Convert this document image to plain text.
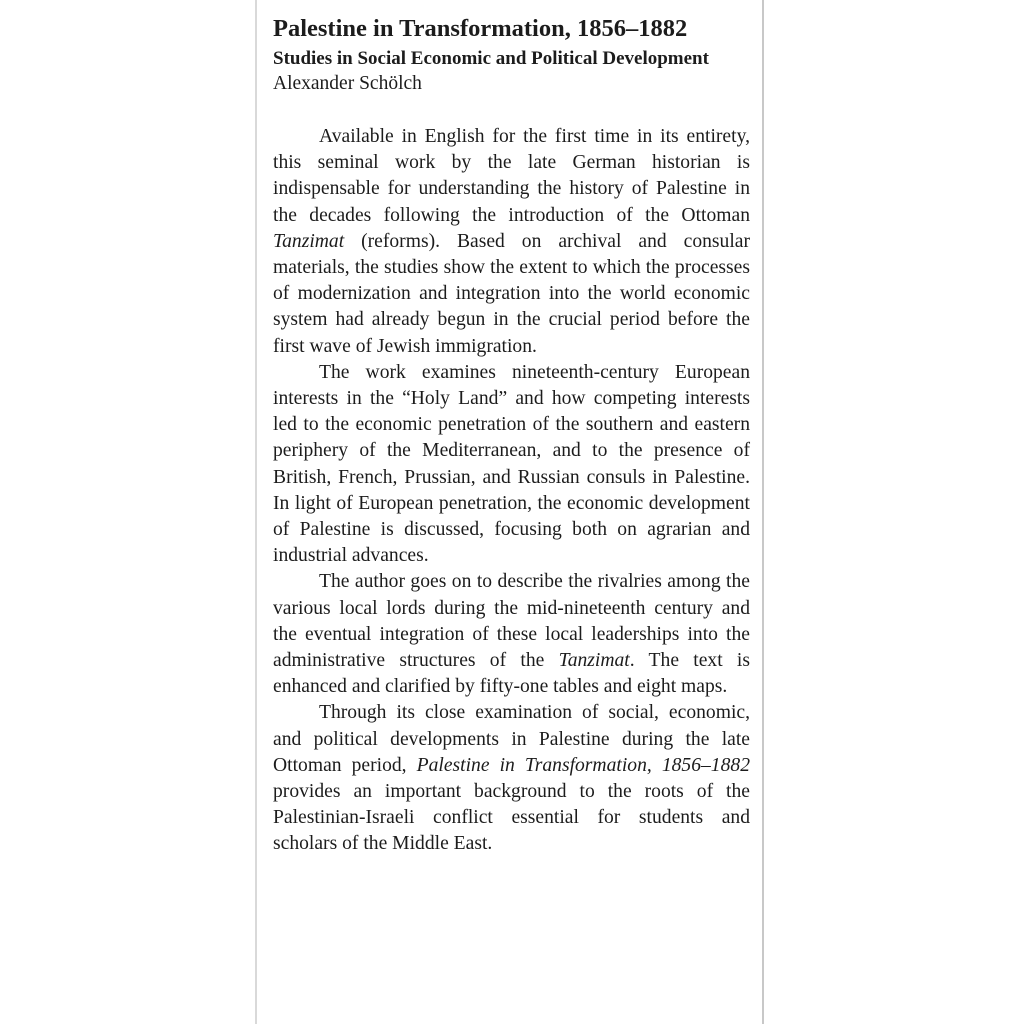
Palestine in Transformation, 1856–1882
Studies in Social Economic and Political Development
Alexander Schölch

Available in English for the first time in its entirety, this seminal work by the late German historian is indispensable for understanding the history of Palestine in the decades following the introduction of the Ottoman Tanzimat (reforms). Based on archival and consular materials, the studies show the extent to which the processes of modernization and integration into the world economic system had already begun in the crucial period before the first wave of Jewish immigration.

The work examines nineteenth-century European interests in the “Holy Land” and how competing interests led to the economic penetration of the southern and eastern periphery of the Mediterranean, and to the presence of British, French, Prussian, and Russian consuls in Palestine. In light of European penetration, the economic development of Palestine is discussed, focusing both on agrarian and industrial advances.

The author goes on to describe the rivalries among the various local lords during the mid-nineteenth century and the eventual integration of these local leaderships into the administrative structures of the Tanzimat. The text is enhanced and clarified by fifty-one tables and eight maps.

Through its close examination of social, economic, and political developments in Palestine during the late Ottoman period, Palestine in Transformation, 1856–1882 provides an important background to the roots of the Palestinian-Israeli conflict essential for students and scholars of the Middle East.
